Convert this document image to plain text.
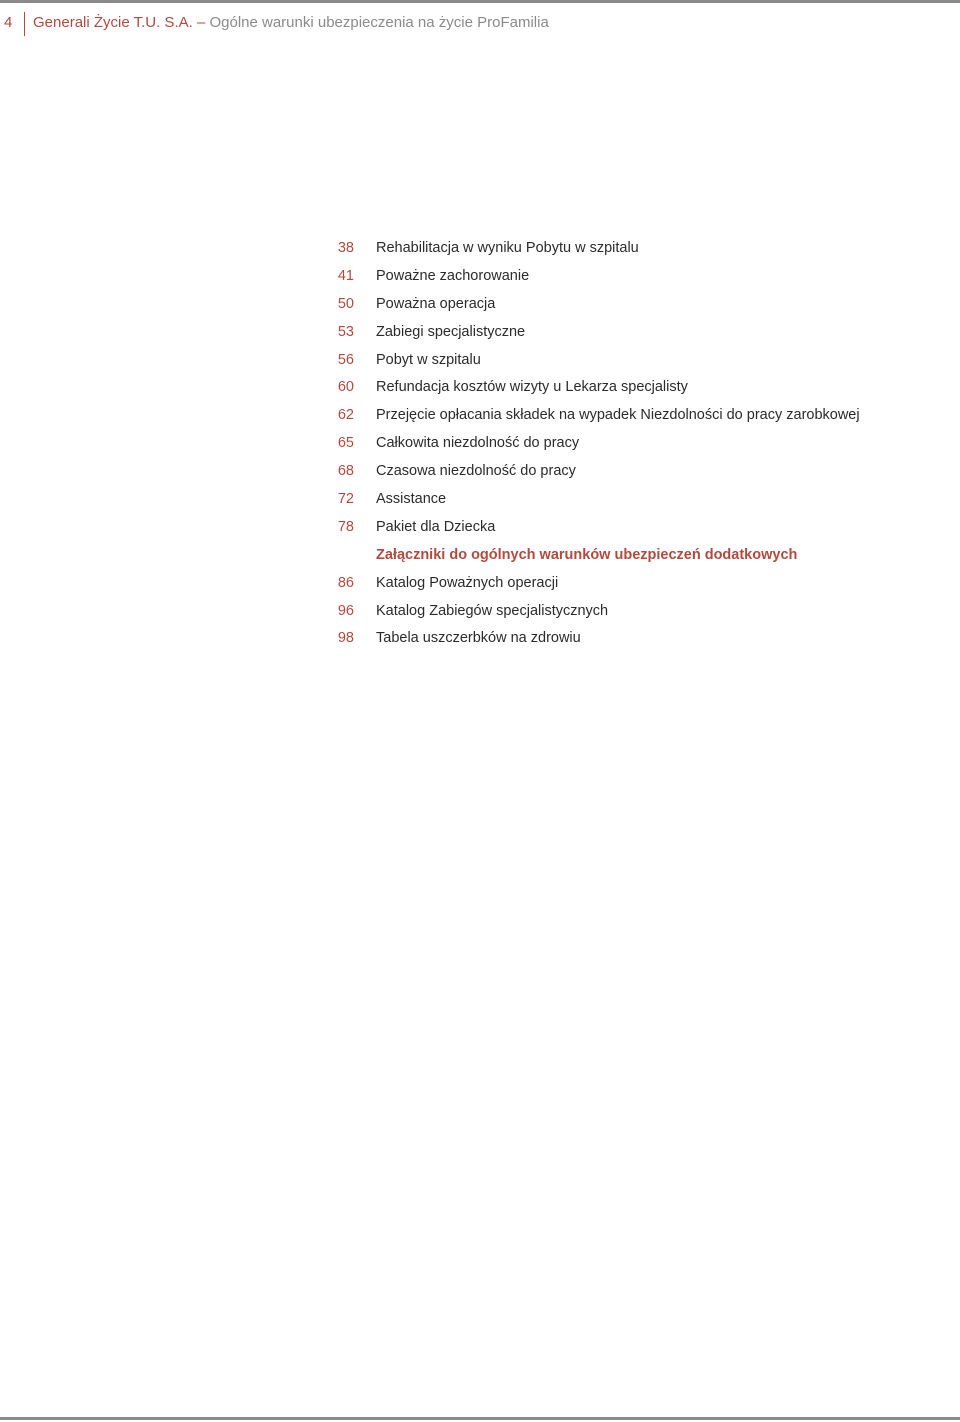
4 Generali Życie T.U. S.A. – Ogólne warunki ubezpieczenia na życie ProFamilia
38 Rehabilitacja w wyniku Pobytu w szpitalu
41 Poważne zachorowanie
50 Poważna operacja
53 Zabiegi specjalistyczne
56 Pobyt w szpitalu
60 Refundacja kosztów wizyty u Lekarza specjalisty
62 Przejęcie opłacania składek na wypadek Niezdolności do pracy zarobkowej
65 Całkowita niezdolność do pracy
68 Czasowa niezdolność do pracy
72 Assistance
78 Pakiet dla Dziecka
Załączniki do ogólnych warunków ubezpieczeń dodatkowych
86 Katalog Poważnych operacji
96 Katalog Zabiegów specjalistycznych
98 Tabela uszczerbków na zdrowiu
